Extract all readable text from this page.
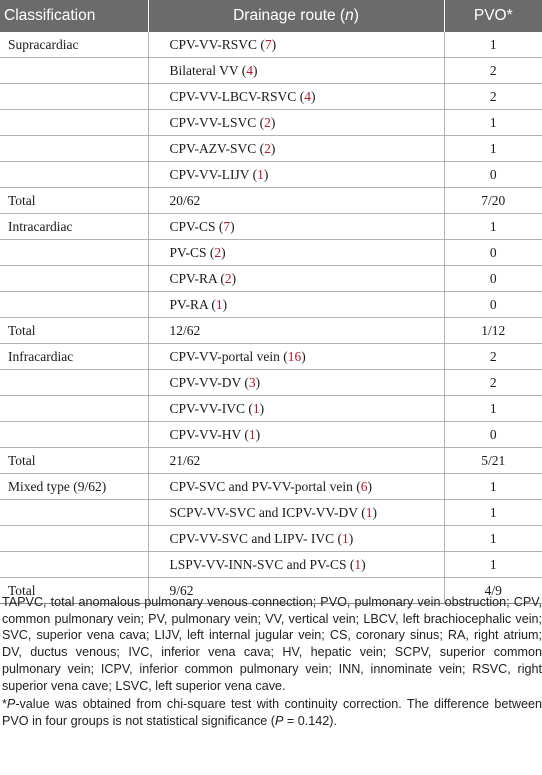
Classification	Drainage route (n)	PVO*
Supracardiac	CPV-VV-RSVC (7)	1
	Bilateral VV (4)	2
	CPV-VV-LBCV-RSVC (4)	2
	CPV-VV-LSVC (2)	1
	CPV-AZV-SVC (2)	1
	CPV-VV-LIJV (1)	0
Total	20/62	7/20
Intracardiac	CPV-CS (7)	1
	PV-CS (2)	0
	CPV-RA (2)	0
	PV-RA (1)	0
Total	12/62	1/12
Infracardiac	CPV-VV-portal vein (16)	2
	CPV-VV-DV (3)	2
	CPV-VV-IVC (1)	1
	CPV-VV-HV (1)	0
Total	21/62	5/21
Mixed type (9/62)	CPV-SVC and PV-VV-portal vein (6)	1
	SCPV-VV-SVC and ICPV-VV-DV (1)	1
	CPV-VV-SVC and LIPV- IVC (1)	1
	LSPV-VV-INN-SVC and PV-CS (1)	1
Total	9/62	4/9

TAPVC, total anomalous pulmonary venous connection; PVO, pulmonary vein obstruction; CPV, common pulmonary vein; PV, pulmonary vein; VV, vertical vein; LBCV, left brachiocephalic vein; SVC, superior vena cava; LIJV, left internal jugular vein; CS, coronary sinus; RA, right atrium; DV, ductus venous; IVC, inferior vena cava; HV, hepatic vein; SCPV, superior common pulmonary vein; ICPV, inferior common pulmonary vein; INN, innominate vein; RSVC, right superior vena cave; LSVC, left superior vena cave.

*P-value was obtained from chi-square test with continuity correction. The difference between PVO in four groups is not statistical significance (P = 0.142).
